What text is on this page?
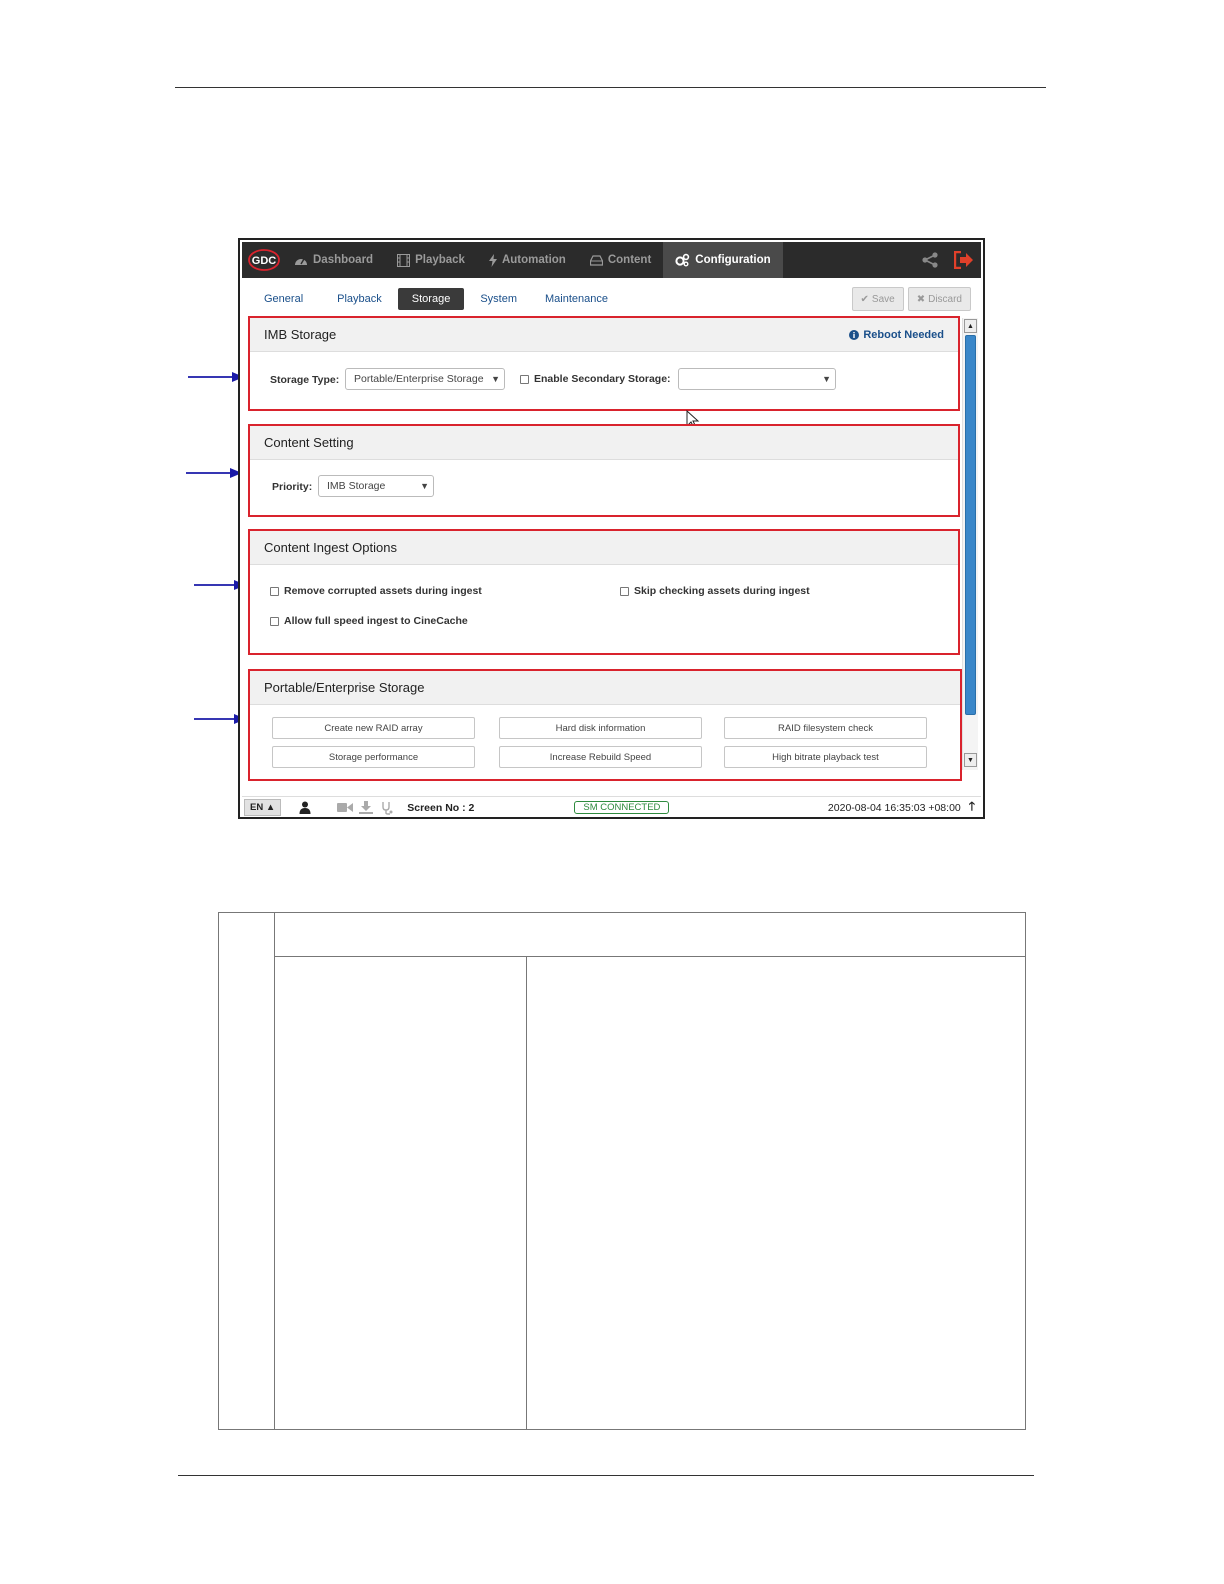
GDC	Dashboard	Playback	Automation	Content	Configuration
General	Playback	Storage	System	Maintenance	✔ Save ✖ Discard
IMB Storage	Reboot Needed
Storage Type: Portable/Enterprise Storage ▼	Enable Secondary Storage:	▼
Content Setting
Priority: IMB Storage	▼
Content Ingest Options
Remove corrupted assets during ingest	Skip checking assets during ingest
Allow full speed ingest to CineCache
Portable/Enterprise Storage
Create new RAID array	Hard disk information	RAID filesystem check
Storage performance	Increase Rebuild Speed	High bitrate playback test
▲
▼
EN ▲	Screen No : 2	SM CONNECTED	2020-08-04 16:35:03 +08:00 🡑
